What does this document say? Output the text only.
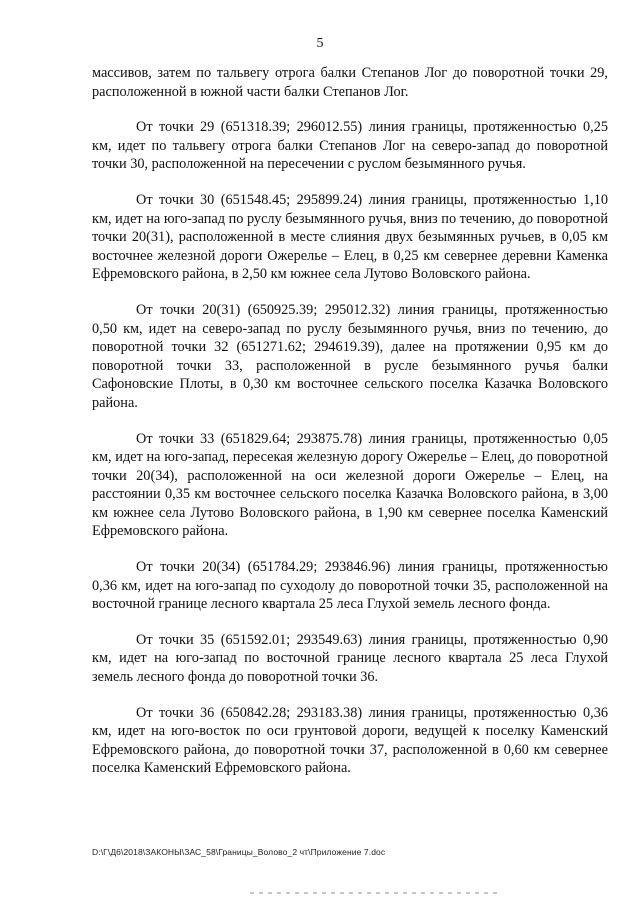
5

массивов, затем по тальвегу отрога балки Степанов Лог до поворотной точки 29, расположенной в южной части балки Степанов Лог.

От точки 29 (651318.39; 296012.55) линия границы, протяженностью 0,25 км, идет по тальвегу отрога балки Степанов Лог на северо-запад до поворотной точки 30, расположенной на пересечении с руслом безымянного ручья.

От точки 30 (651548.45; 295899.24) линия границы, протяженностью 1,10 км, идет на юго-запад по руслу безымянного ручья, вниз по течению, до поворотной точки 20(31), расположенной в месте слияния двух безымянных ручьев, в 0,05 км восточнее железной дороги Ожерелье – Елец, в 0,25 км севернее деревни Каменка Ефремовского района, в 2,50 км южнее села Лутово Воловского района.

От точки 20(31) (650925.39; 295012.32) линия границы, протяженностью 0,50 км, идет на северо-запад по руслу безымянного ручья, вниз по течению, до поворотной точки 32 (651271.62; 294619.39), далее на протяжении 0,95 км до поворотной точки 33, расположенной в русле безымянного ручья балки Сафоновские Плоты, в 0,30 км восточнее сельского поселка Казачка Воловского района.

От точки 33 (651829.64; 293875.78) линия границы, протяженностью 0,05 км, идет на юго-запад, пересекая железную дорогу Ожерелье – Елец, до поворотной точки 20(34), расположенной на оси железной дороги Ожерелье – Елец, на расстоянии 0,35 км восточнее сельского поселка Казачка Воловского района, в 3,00 км южнее села Лутово Воловского района, в 1,90 км севернее поселка Каменский Ефремовского района.

От точки 20(34) (651784.29; 293846.96) линия границы, протяженностью 0,36 км, идет на юго-запад по суходолу до поворотной точки 35, расположенной на восточной границе лесного квартала 25 леса Глухой земель лесного фонда.

От точки 35 (651592.01; 293549.63) линия границы, протяженностью 0,90 км, идет на юго-запад по восточной границе лесного квартала 25 леса Глухой земель лесного фонда до поворотной точки 36.

От точки 36 (650842.28; 293183.38) линия границы, протяженностью 0,36 км, идет на юго-восток по оси грунтовой дороги, ведущей к поселку Каменский Ефремовского района, до поворотной точки 37, расположенной в 0,60 км севернее поселка Каменский Ефремовского района.

D:\Г\Д6\2018\ЗАКОНЫ\ЗАС_58\Границы_Волово_2 чт\Приложение 7.doc
